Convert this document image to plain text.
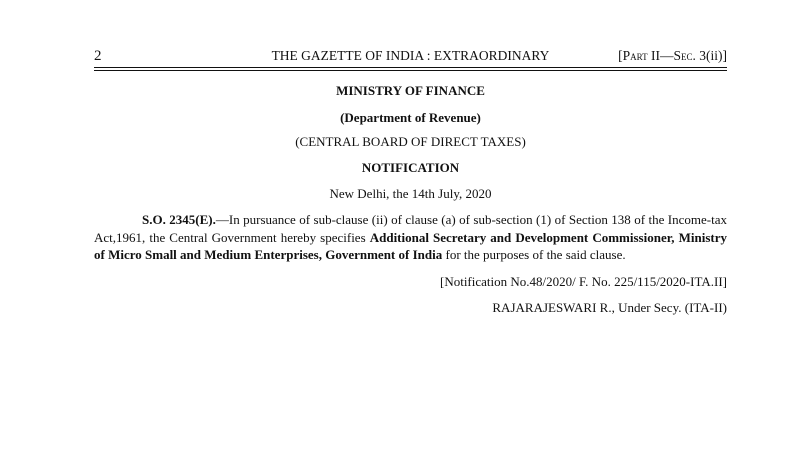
2	THE GAZETTE OF INDIA : EXTRAORDINARY	[Part II—Sec. 3(ii)]
MINISTRY OF FINANCE
(Department of Revenue)
(CENTRAL BOARD OF DIRECT TAXES)
NOTIFICATION
New Delhi, the 14th July, 2020
S.O. 2345(E).—In pursuance of sub-clause (ii) of clause (a) of sub-section (1) of Section 138 of the Income-tax Act,1961, the Central Government hereby specifies Additional Secretary and Development Commissioner, Ministry of Micro Small and Medium Enterprises, Government of India for the purposes of the said clause.
[Notification No.48/2020/ F. No. 225/115/2020-ITA.II]
RAJARAJESWARI R., Under Secy. (ITA-II)
